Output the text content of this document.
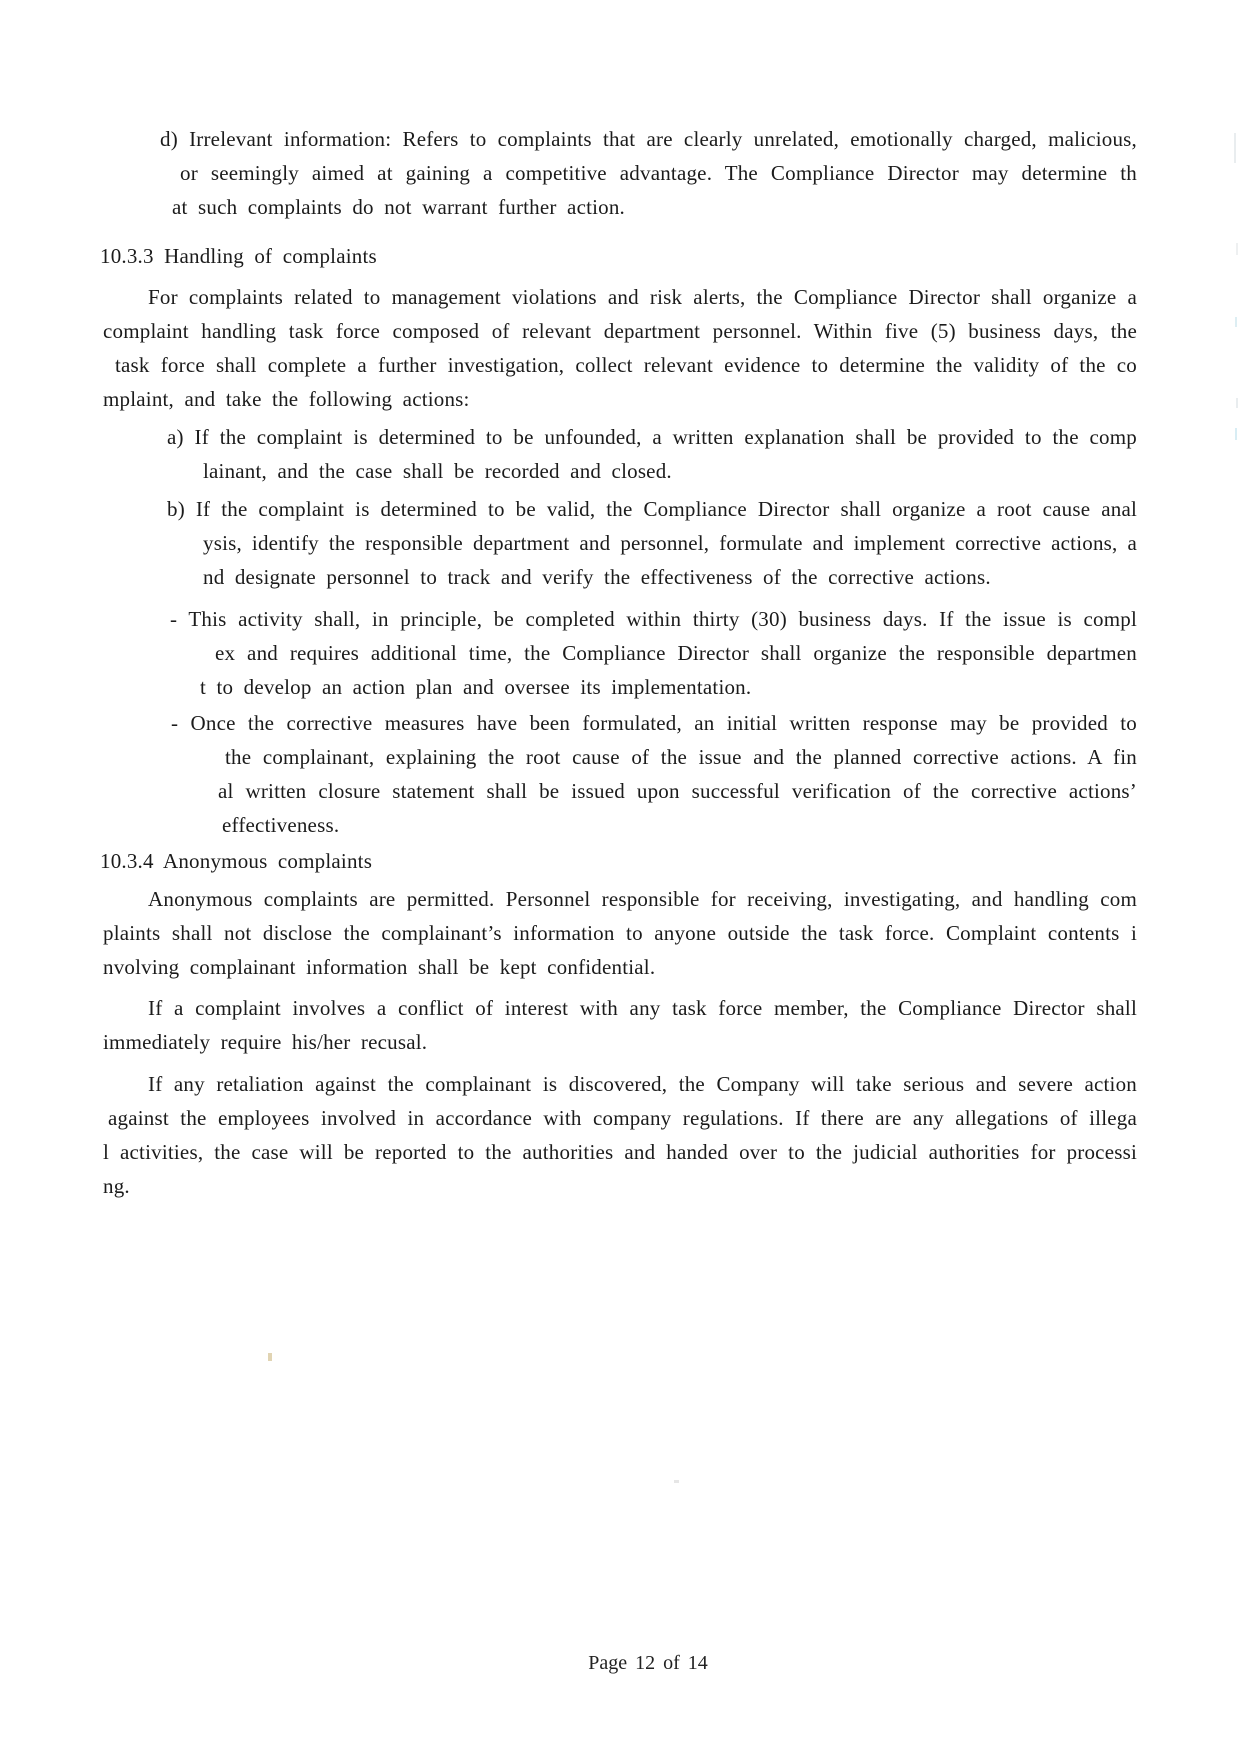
d) Irrelevant information: Refers to complaints that are clearly unrelated, emotionally charged, malicious,
or seemingly aimed at gaining a competitive advantage. The Compliance Director may determine th
at such complaints do not warrant further action.
10.3.3 Handling of complaints
For complaints related to management violations and risk alerts, the Compliance Director shall organize a
complaint handling task force composed of relevant department personnel. Within five (5) business days, the
task force shall complete a further investigation, collect relevant evidence to determine the validity of the co
mplaint, and take the following actions:
a) If the complaint is determined to be unfounded, a written explanation shall be provided to the comp
lainant, and the case shall be recorded and closed.
b) If the complaint is determined to be valid, the Compliance Director shall organize a root cause anal
ysis, identify the responsible department and personnel, formulate and implement corrective actions, a
nd designate personnel to track and verify the effectiveness of the corrective actions.
- This activity shall, in principle, be completed within thirty (30) business days. If the issue is compl
ex and requires additional time, the Compliance Director shall organize the responsible departmen
t to develop an action plan and oversee its implementation.
- Once the corrective measures have been formulated, an initial written response may be provided to
the complainant, explaining the root cause of the issue and the planned corrective actions. A fin
al written closure statement shall be issued upon successful verification of the corrective actions’
effectiveness.
10.3.4 Anonymous complaints
Anonymous complaints are permitted. Personnel responsible for receiving, investigating, and handling com
plaints shall not disclose the complainant’s information to anyone outside the task force. Complaint contents i
nvolving complainant information shall be kept confidential.
If a complaint involves a conflict of interest with any task force member, the Compliance Director shall
immediately require his/her recusal.
If any retaliation against the complainant is discovered, the Company will take serious and severe action
against the employees involved in accordance with company regulations. If there are any allegations of illega
l activities, the case will be reported to the authorities and handed over to the judicial authorities for processi
ng.
Page 12 of 14
